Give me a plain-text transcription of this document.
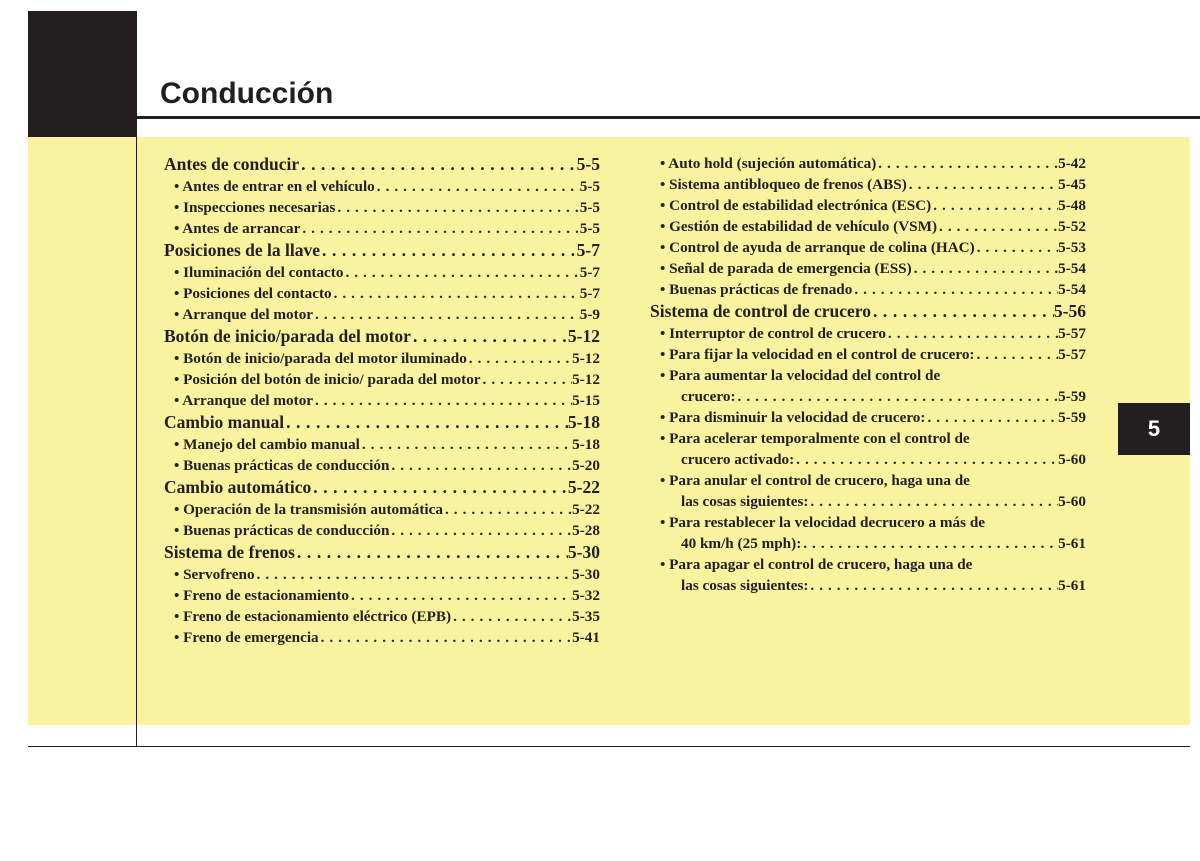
Conducción
5
Antes de conducir . . .	5-5
• Antes de entrar en el vehículo . . .	5-5
• Inspecciones necesarias . . .	5-5
• Antes de arrancar . . .	5-5
Posiciones de la llave . . .	5-7
• Iluminación del contacto . . .	5-7
• Posiciones del contacto . . .	5-7
• Arranque del motor . . .	5-9
Botón de inicio/parada del motor . . .	5-12
• Botón de inicio/parada del motor iluminado . . .	5-12
• Posición del botón de inicio/ parada del motor . . .	5-12
• Arranque del motor . . .	5-15
Cambio manual . . .	5-18
• Manejo del cambio manual . . .	5-18
• Buenas prácticas de conducción . . .	5-20
Cambio automático . . .	5-22
• Operación de la transmisión automática . . .	5-22
• Buenas prácticas de conducción . . .	5-28
Sistema de frenos . . .	5-30
• Servofreno . . .	5-30
• Freno de estacionamiento . . .	5-32
• Freno de estacionamiento eléctrico (EPB) . . .	5-35
• Freno de emergencia . . .	5-41
• Auto hold (sujeción automática) . . .	5-42
• Sistema antibloqueo de frenos (ABS) . . .	5-45
• Control de estabilidad electrónica (ESC) . . .	5-48
• Gestión de estabilidad de vehículo (VSM) . . .	5-52
• Control de ayuda de arranque de colina (HAC) . . .	5-53
• Señal de parada de emergencia (ESS) . . .	5-54
• Buenas prácticas de frenado . . .	5-54
Sistema de control de crucero . . .	5-56
• Interruptor de control de crucero . . .	5-57
• Para fijar la velocidad en el control de crucero: . . .	5-57
• Para aumentar la velocidad del control de
crucero: . . .	5-59
• Para disminuir la velocidad de crucero: . . .	5-59
• Para acelerar temporalmente con el control de
crucero activado: . . .	5-60
• Para anular el control de crucero, haga una de
las cosas siguientes: . . .	5-60
• Para restablecer la velocidad decrucero a más de
40 km/h (25 mph): . . .	5-61
• Para apagar el control de crucero, haga una de
las cosas siguientes: . . .	5-61
